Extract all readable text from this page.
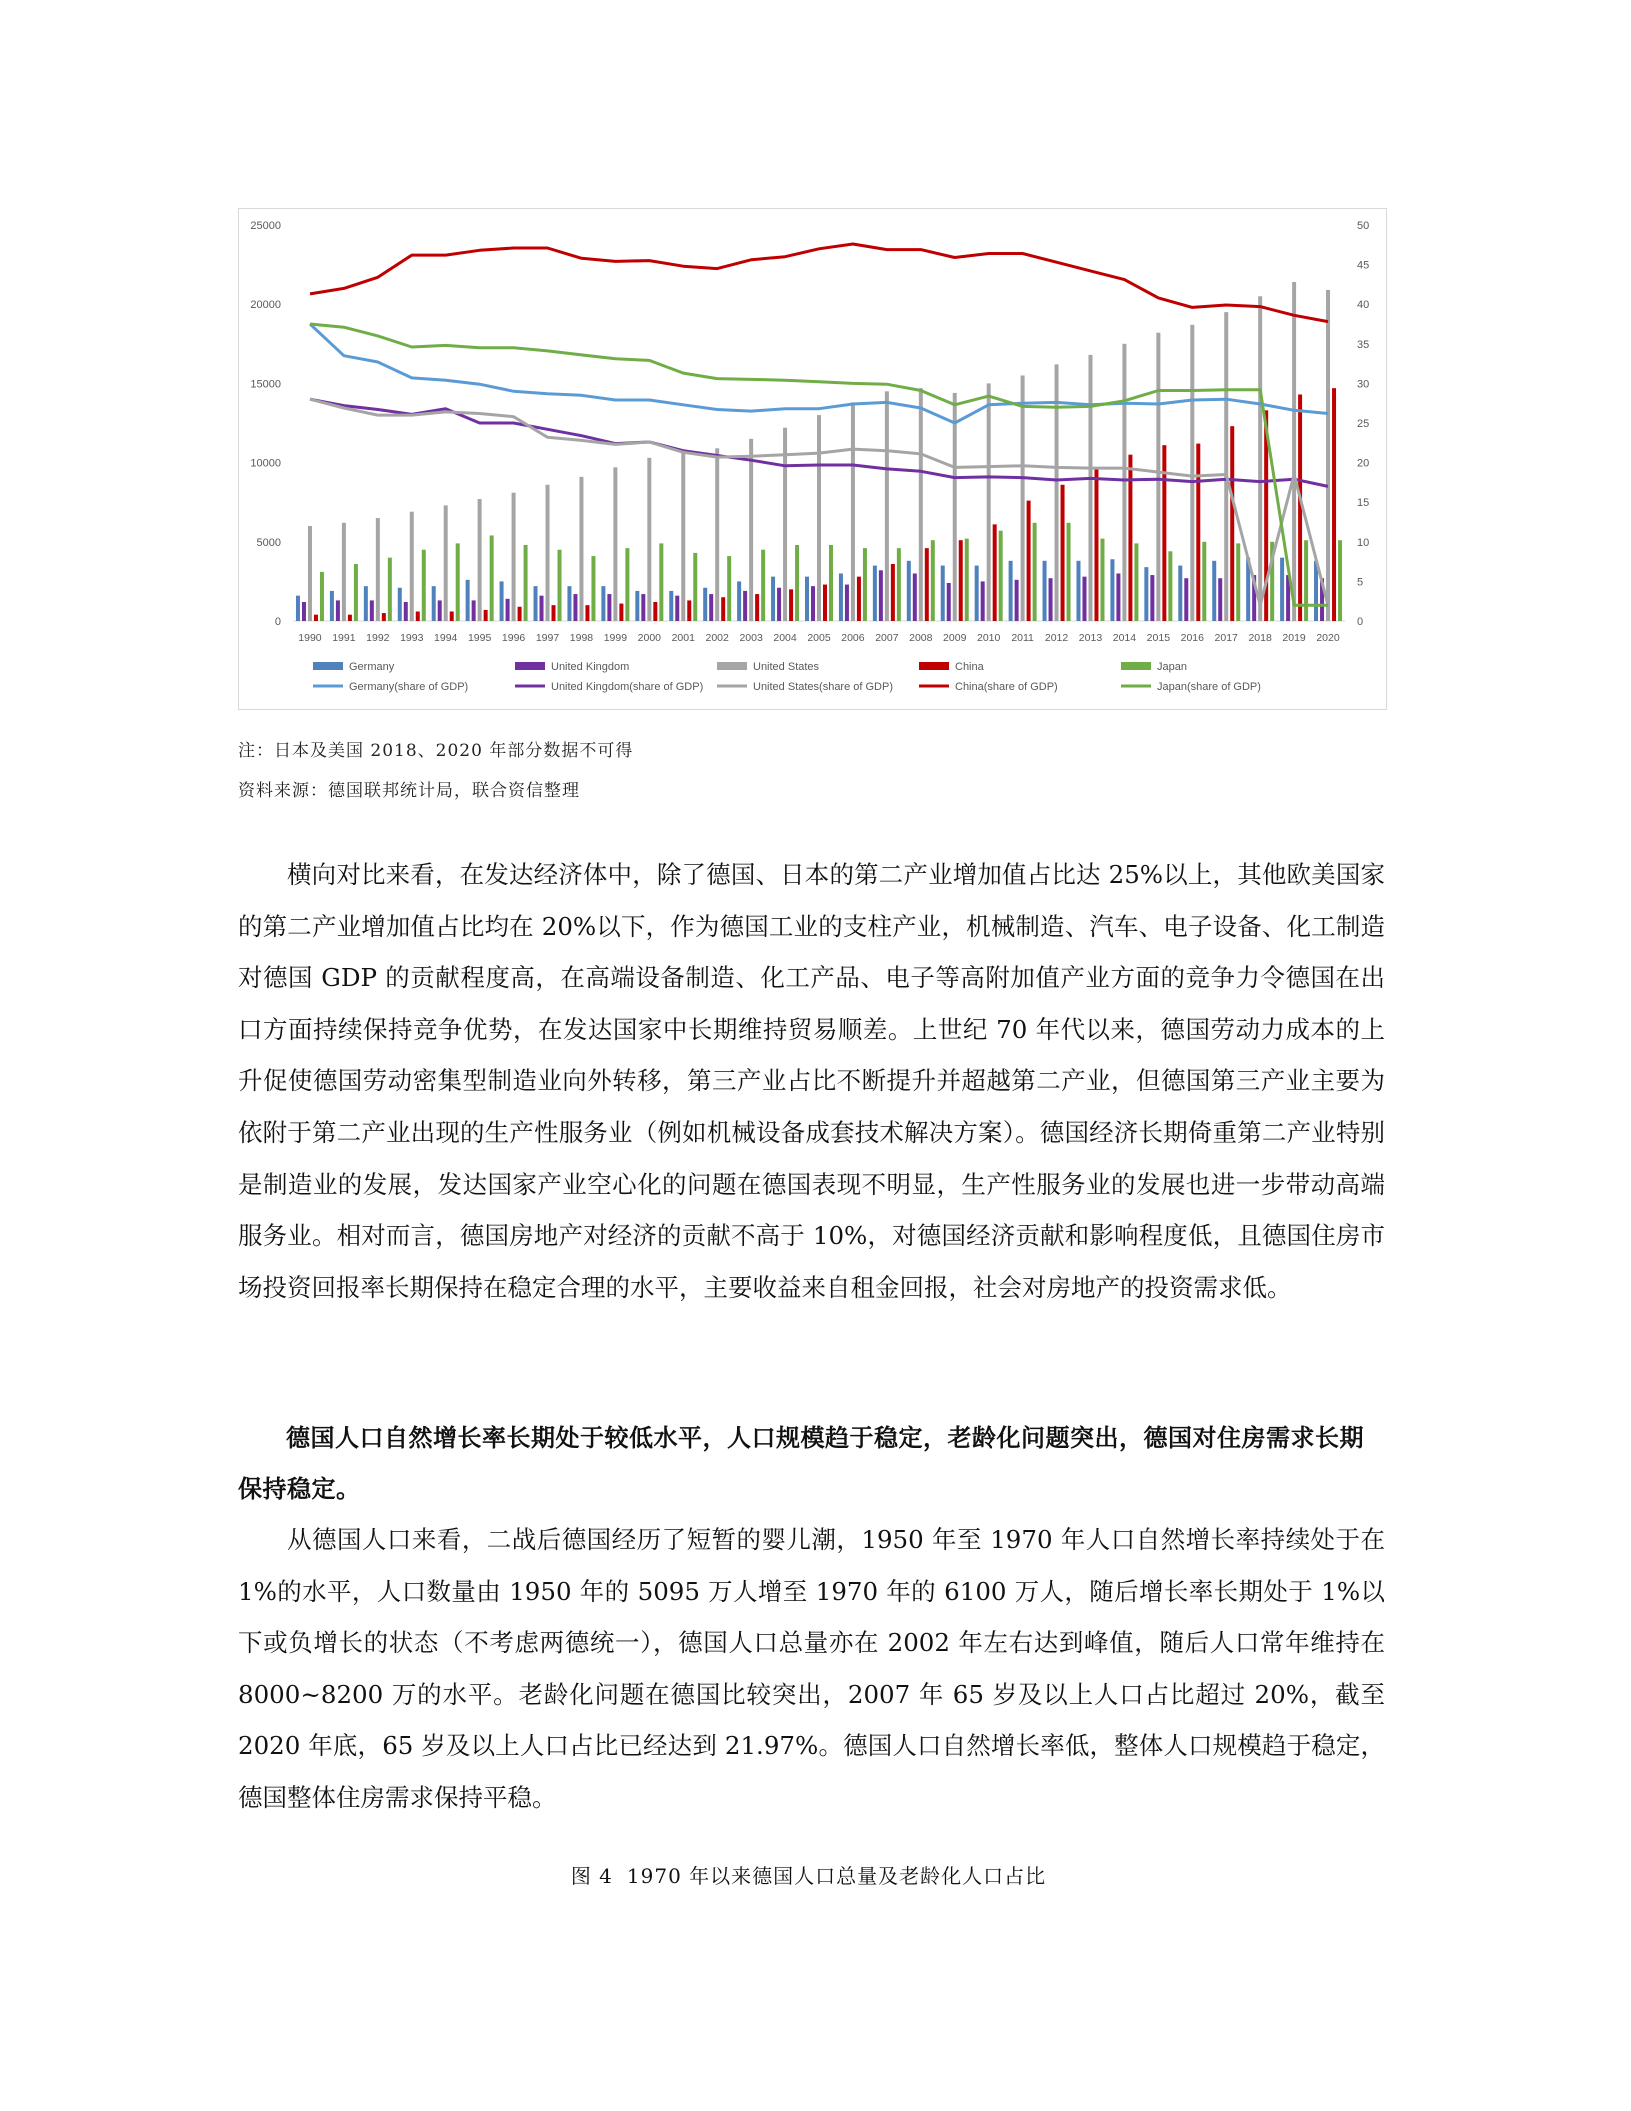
0
5000
10000
15000
20000
25000
0
5
10
15
20
25
30
35
40
45
50
1990 1991 1992 1993 1994 1995 1996 1997 1998 1999 2000 2001 2002 2003 2004 2005 2006 2007 2008 2009 2010 2011 2012 2013 2014 2015 2016 2017 2018 2019 2020
Germany	United Kingdom	United States	China	Japan
Germany(share of GDP)	United Kingdom(share of GDP)	United States(share of GDP)	China(share of GDP)	Japan(share of GDP)
注：日本及美国 2018、2020 年部分数据不可得
资料来源：德国联邦统计局，联合资信整理

横向对比来看，在发达经济体中，除了德国、日本的第二产业增加值占比达 25%以上，其他欧美国家的第二产业增加值占比均在 20%以下，作为德国工业的支柱产业，机械制造、汽车、电子设备、化工制造对德国 GDP 的贡献程度高，在高端设备制造、化工产品、电子等高附加值产业方面的竞争力令德国在出口方面持续保持竞争优势，在发达国家中长期维持贸易顺差。上世纪 70 年代以来，德国劳动力成本的上升促使德国劳动密集型制造业向外转移，第三产业占比不断提升并超越第二产业，但德国第三产业主要为依附于第二产业出现的生产性服务业（例如机械设备成套技术解决方案）。德国经济长期倚重第二产业特别是制造业的发展，发达国家产业空心化的问题在德国表现不明显，生产性服务业的发展也进一步带动高端服务业。相对而言，德国房地产对经济的贡献不高于 10%，对德国经济贡献和影响程度低，且德国住房市场投资回报率长期保持在稳定合理的水平，主要收益来自租金回报，社会对房地产的投资需求低。

德国人口自然增长率长期处于较低水平，人口规模趋于稳定，老龄化问题突出，德国对住房需求长期保持稳定。

从德国人口来看，二战后德国经历了短暂的婴儿潮，1950 年至 1970 年人口自然增长率持续处于在 1%的水平，人口数量由 1950 年的 5095 万人增至 1970 年的 6100 万人，随后增长率长期处于 1%以下或负增长的状态（不考虑两德统一），德国人口总量亦在 2002 年左右达到峰值，随后人口常年维持在 8000~8200 万的水平。老龄化问题在德国比较突出，2007 年 65 岁及以上人口占比超过 20%，截至 2020 年底，65 岁及以上人口占比已经达到 21.97%。德国人口自然增长率低，整体人口规模趋于稳定，德国整体住房需求保持平稳。

图 4 1970 年以来德国人口总量及老龄化人口占比
